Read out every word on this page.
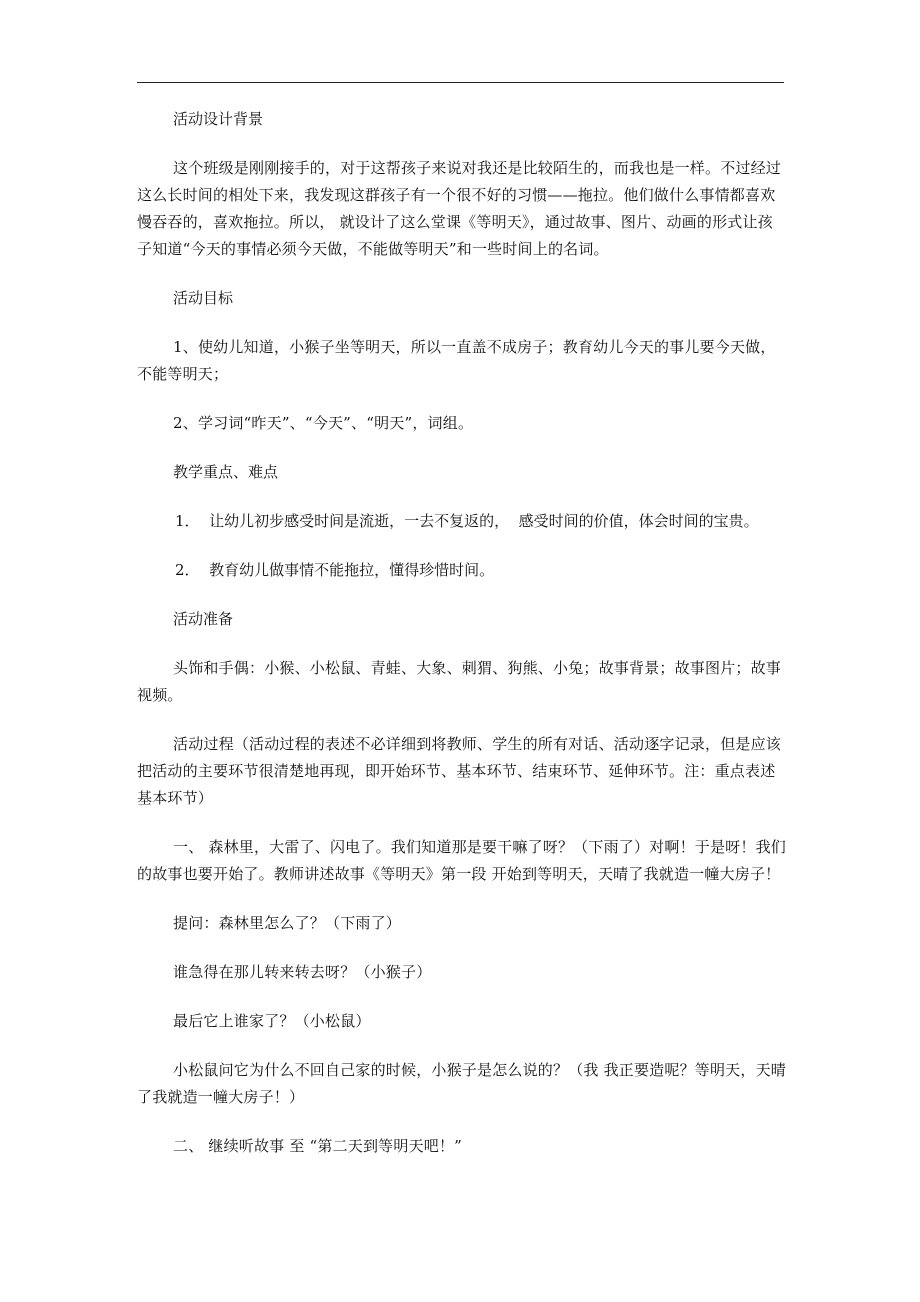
活动设计背景

这个班级是刚刚接手的，对于这帮孩子来说对我还是比较陌生的，而我也是一样。不过经过这么长时间的相处下来，我发现这群孩子有一个很不好的习惯——拖拉。他们做什么事情都喜欢慢吞吞的，喜欢拖拉。所以， 就设计了这么堂课《等明天》，通过故事、图片、动画的形式让孩子知道“今天的事情必须今天做，不能做等明天”和一些时间上的名词。

活动目标

1、使幼儿知道，小猴子坐等明天，所以一直盖不成房子；教育幼儿今天的事儿要今天做，不能等明天；

2、学习词“昨天”、“今天”、“明天”，词组。

教学重点、难点

1．  让幼儿初步感受时间是流逝，一去不复返的，  感受时间的价值，体会时间的宝贵。

2．  教育幼儿做事情不能拖拉，懂得珍惜时间。

活动准备

头饰和手偶：小猴、小松鼠、青蛙、大象、刺猬、狗熊、小兔；故事背景；故事图片；故事视频。

活动过程（活动过程的表述不必详细到将教师、学生的所有对话、活动逐字记录，但是应该把活动的主要环节很清楚地再现，即开始环节、基本环节、结束环节、延伸环节。注：重点表述基本环节）

一、 森林里，大雷了、闪电了。我们知道那是要干嘛了呀？（下雨了）对啊！于是呀！我们的故事也要开始了。教师讲述故事《等明天》第一段 开始到等明天，天晴了我就造一幢大房子！

提问：森林里怎么了？（下雨了）

谁急得在那儿转来转去呀？（小猴子）

最后它上谁家了？（小松鼠）

小松鼠问它为什么不回自己家的时候，小猴子是怎么说的？（我 我正要造呢？等明天，天晴了我就造一幢大房子！）

二、 继续听故事 至 “第二天到等明天吧！”
